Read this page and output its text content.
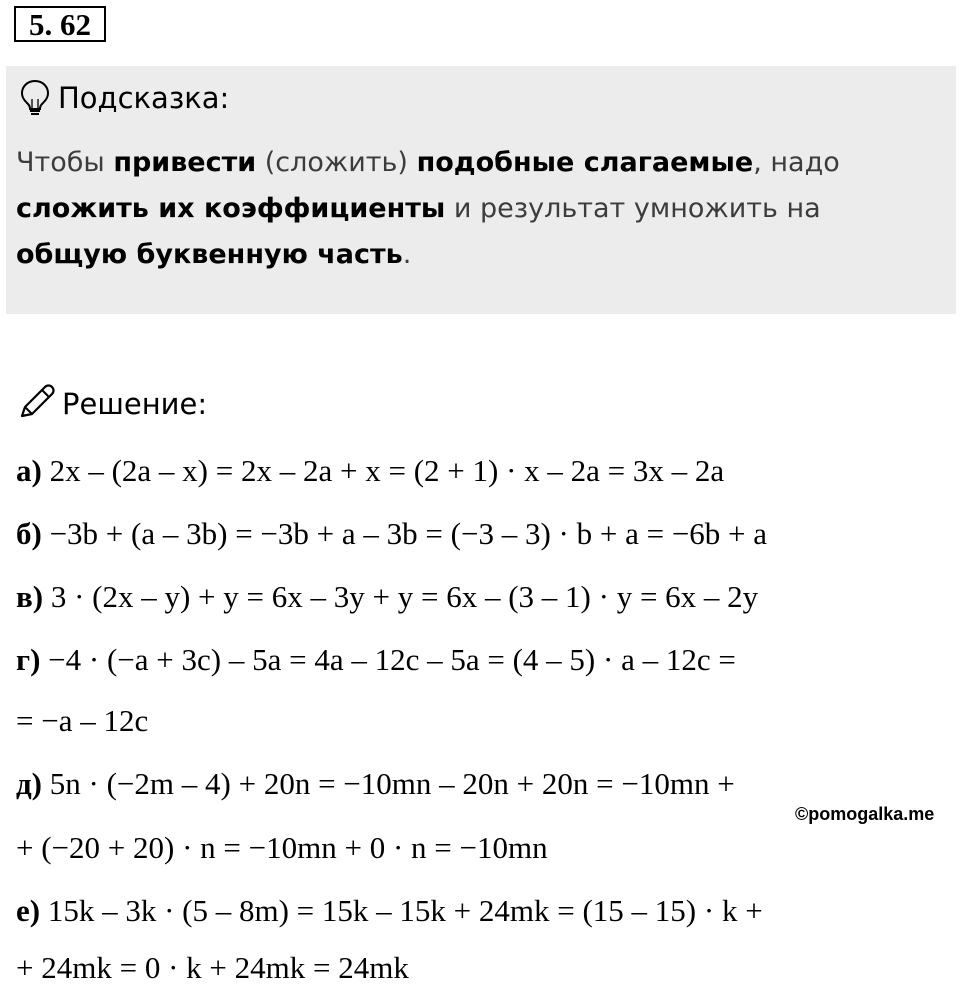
5. 62
Подсказка:
Чтобы привести (сложить) подобные слагаемые, надо сложить их коэффициенты и результат умножить на общую буквенную часть.
Решение:
а) 2x – (2a – x) = 2x – 2a + x = (2 + 1) · x – 2a = 3x – 2a
б) −3b + (a – 3b) = −3b + a – 3b = (−3 – 3) · b + a = −6b + a
в) 3 · (2x – y) + y = 6x – 3y + y = 6x – (3 – 1) · y = 6x – 2y
г) −4 · (−a + 3c) – 5a = 4a – 12c – 5a = (4 – 5) · a – 12c =
= −a – 12c
д) 5n · (−2m – 4) + 20n = −10mn – 20n + 20n = −10mn +
+ (−20 + 20) · n = −10mn + 0 · n = −10mn
е) 15k – 3k · (5 – 8m) = 15k – 15k + 24mk = (15 – 15) · k +
+ 24mk = 0 · k + 24mk = 24mk
©pomogalka.me
